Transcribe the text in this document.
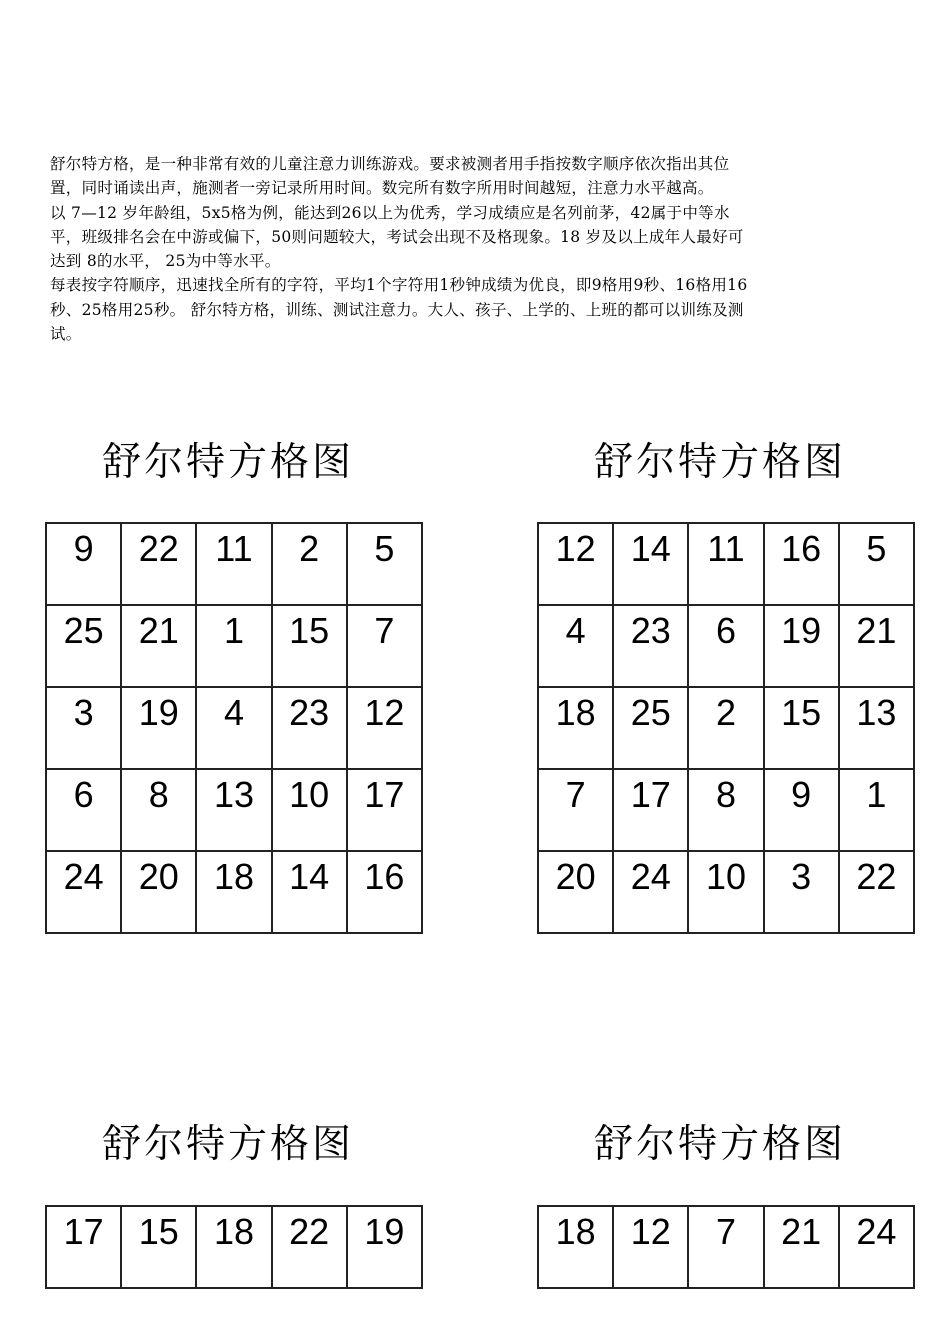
舒尔特方格，是一种非常有效的儿童注意力训练游戏。要求被测者用手指按数字顺序依次指出其位

置，同时诵读出声，施测者一旁记录所用时间。数完所有数字所用时间越短，注意力水平越高。

以 7—12 岁年龄组，5x5格为例，能达到26以上为优秀，学习成绩应是名列前茅，42属于中等水

平，班级排名会在中游或偏下，50则问题较大，考试会出现不及格现象。18 岁及以上成年人最好可

达到 8的水平， 25为中等水平。

每表按字符顺序，迅速找全所有的字符，平均1个字符用1秒钟成绩为优良，即9格用9秒、16格用16

秒、25格用25秒。 舒尔特方格，训练、测试注意力。大人、孩子、上学的、上班的都可以训练及测

试。

舒尔特方格图
9	22	11	2	5

25	21	1	15	7

3	19	4	23	12

6	8	13	10	17

24	20	18	14	16
舒尔特方格图
12	14	11	16	5

4	23	6	19	21

18	25	2	15	13

7	17	8	9	1

20	24	10	3	22
舒尔特方格图
17	15	18	22	19
舒尔特方格图
18	12	7	21	24
